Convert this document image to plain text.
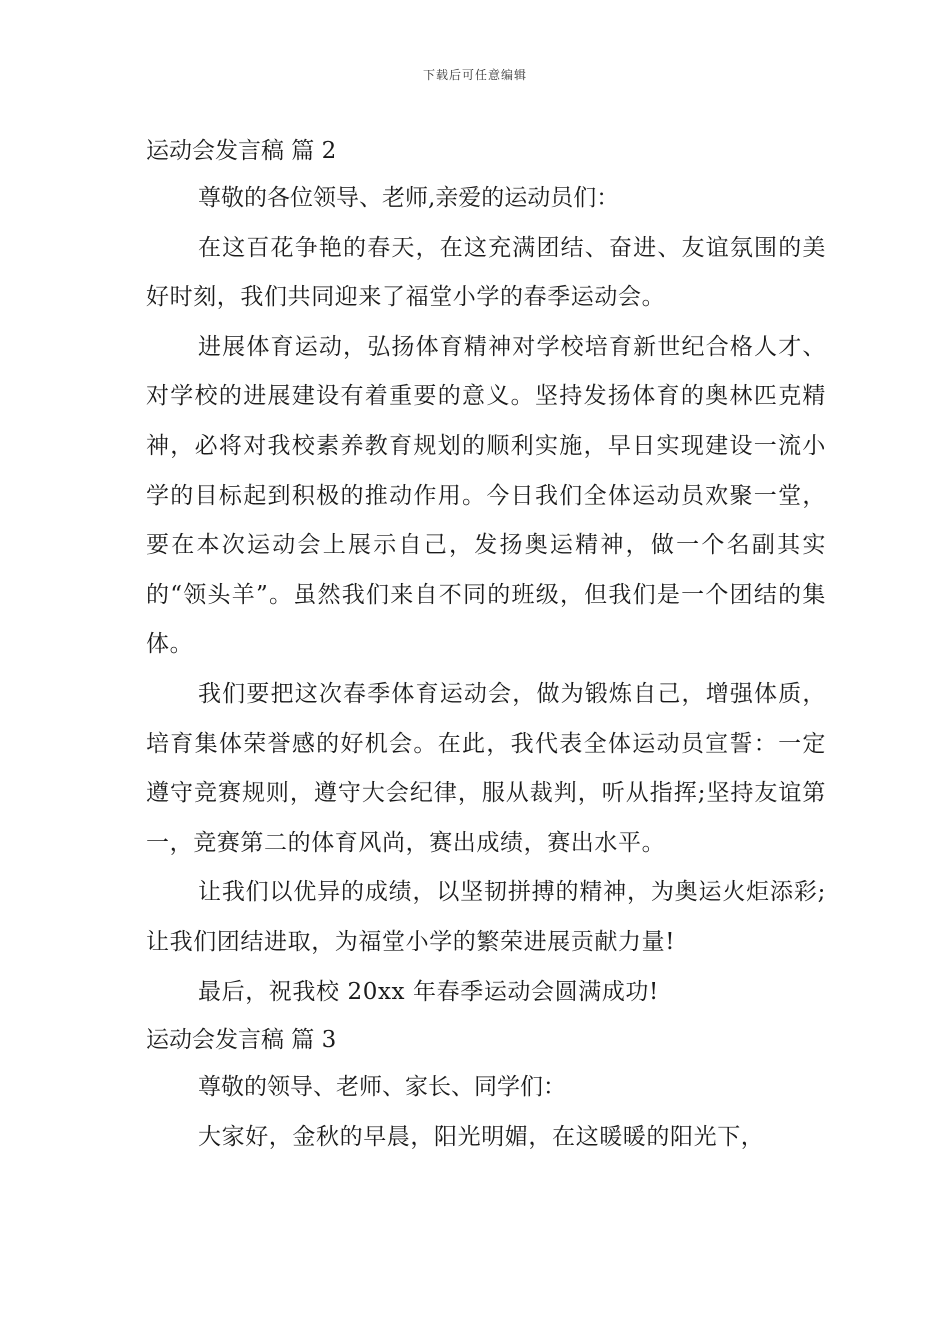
下载后可任意编辑
运动会发言稿 篇 2

尊敬的各位领导、老师,亲爱的运动员们：

在这百花争艳的春天，在这充满团结、奋进、友谊氛围的美好时刻，我们共同迎来了福堂小学的春季运动会。

进展体育运动，弘扬体育精神对学校培育新世纪合格人才、对学校的进展建设有着重要的意义。坚持发扬体育的奥林匹克精神，必将对我校素养教育规划的顺利实施，早日实现建设一流小学的目标起到积极的推动作用。今日我们全体运动员欢聚一堂，要在本次运动会上展示自己，发扬奥运精神，做一个名副其实的“领头羊”。虽然我们来自不同的班级，但我们是一个团结的集体。

我们要把这次春季体育运动会，做为锻炼自己，增强体质，培育集体荣誉感的好机会。在此，我代表全体运动员宣誓：一定遵守竞赛规则，遵守大会纪律，服从裁判，听从指挥;坚持友谊第一，竞赛第二的体育风尚，赛出成绩，赛出水平。

让我们以优异的成绩，以坚韧拼搏的精神，为奥运火炬添彩;让我们团结进取，为福堂小学的繁荣进展贡献力量!

最后，祝我校 20xx 年春季运动会圆满成功!

运动会发言稿 篇 3

尊敬的领导、老师、家长、同学们：

大家好，金秋的早晨，阳光明媚，在这暖暖的阳光下，
